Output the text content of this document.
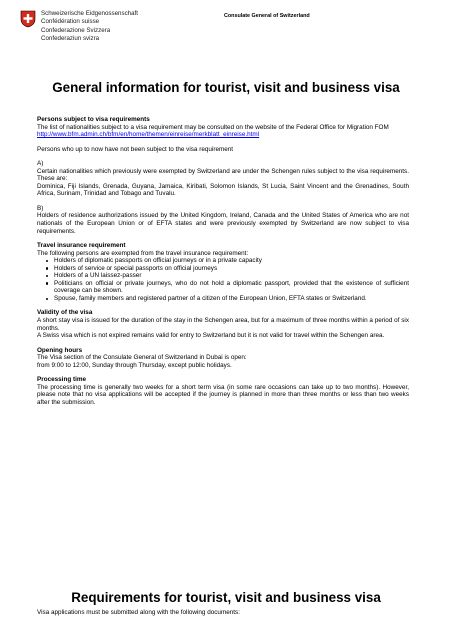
Schweizerische Eidgenossenschaft
Confédération suisse
Confederazione Svizzera
Confederaziun svizra
Consulate General of Switzerland
General information for tourist, visit and business visa

Persons subject to visa requirements

The list of nationalities subject to a visa requirement may be consulted on the website of the Federal Office for Migration FOM

http://www.bfm.admin.ch/bfm/en/home/themen/einreise/merkblatt_einreise.html

Persons who up to now have not been subject to the visa requirement

A)

Certain nationalities which previously were exempted by Switzerland are under the Schengen rules subject to the visa requirements. These are:

Dominica, Fiji Islands, Grenada, Guyana, Jamaica, Kiribati, Solomon Islands, St Lucia, Saint Vincent and the Grenadines, South Africa, Surinam, Trinidad and Tobago and Tuvalu.

B)

Holders of residence authorizations issued by the United Kingdom, Ireland, Canada and the United States of America who are not nationals of the European Union or of EFTA states and were previously exempted by Switzerland are now subject to visa requirements.

Travel insurance requirement

The following persons are exempted from the travel insurance requirement:

Holders of diplomatic passports on official journeys or in a private capacity
Holders of service or special passports on official journeys
Holders of a UN laissez-passer
Politicians on official or private journeys, who do not hold a diplomatic passport, provided that the existence of sufficient coverage can be shown.
Spouse, family members and registered partner of a citizen of the European Union, EFTA states or Switzerland.

Validity of the visa

A short stay visa is issued for the duration of the stay in the Schengen area, but for a maximum of three months within a period of six months.

A Swiss visa which is not expired remains valid for entry to Switzerland but it is not valid for travel within the Schengen area.

Opening hours

The Visa section of the Consulate General of Switzerland in Dubai is open:

from 9:00 to 12:00, Sunday through Thursday, except public holidays.

Processing time

The processing time is generally two weeks for a short term visa (in some rare occasions can take up to two months). However, please note that no visa applications will be accepted if the journey is planned in more than three months or less than two weeks after the submission.

Requirements for tourist, visit and business visa
Visa applications must be submitted along with the following documents:
